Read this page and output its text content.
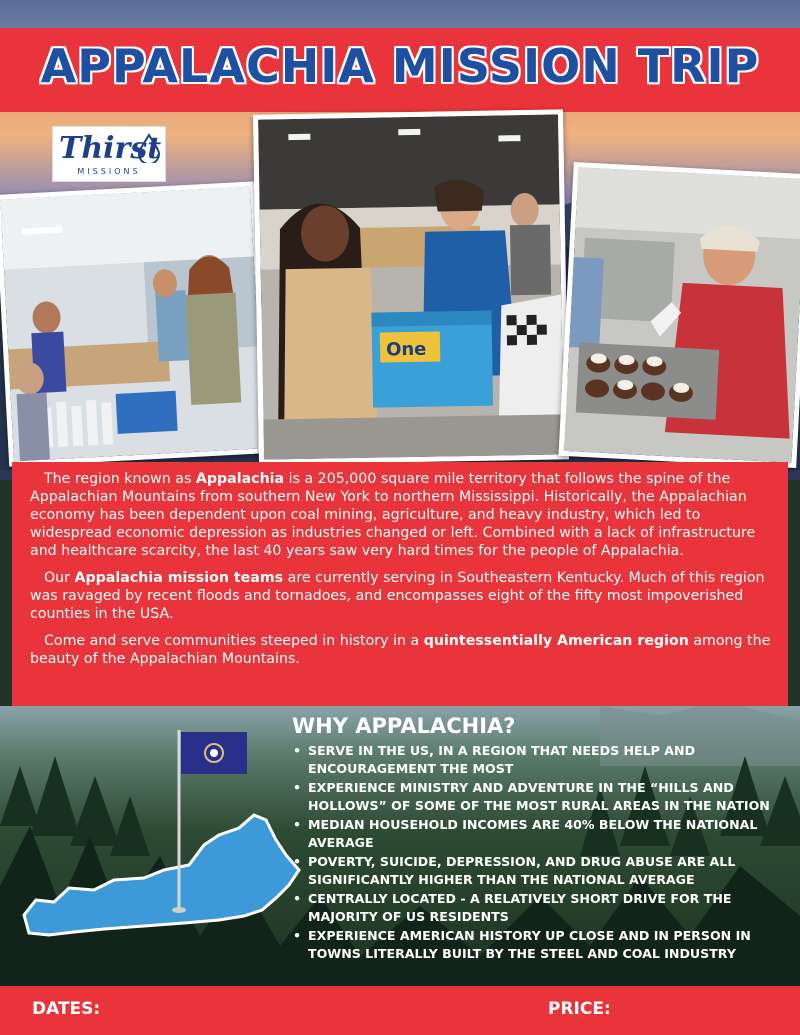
APPALACHIA MISSION TRIP
Thirst
MISSIONS
One

The region known as Appalachia is a 205,000 square mile territory that follows the spine of the Appalachian Mountains from southern New York to northern Mississippi. Historically, the Appalachian economy has been dependent upon coal mining, agriculture, and heavy industry, which led to widespread economic depression as industries changed or left. Combined with a lack of infrastructure and healthcare scarcity, the last 40 years saw very hard times for the people of Appalachia.

Our Appalachia mission teams are currently serving in Southeastern Kentucky. Much of this region was ravaged by recent floods and tornadoes, and encompasses eight of the fifty most impoverished counties in the USA.

Come and serve communities steeped in history in a quintessentially American region among the beauty of the Appalachian Mountains.

WHY APPALACHIA?
• SERVE IN THE US, IN A REGION THAT NEEDS HELP AND ENCOURAGEMENT THE MOST
• EXPERIENCE MINISTRY AND ADVENTURE IN THE “HILLS AND HOLLOWS” OF SOME OF THE MOST RURAL AREAS IN THE NATION
• MEDIAN HOUSEHOLD INCOMES ARE 40% BELOW THE NATIONAL AVERAGE
• POVERTY, SUICIDE, DEPRESSION, AND DRUG ABUSE ARE ALL SIGNIFICANTLY HIGHER THAN THE NATIONAL AVERAGE
• CENTRALLY LOCATED - A RELATIVELY SHORT DRIVE FOR THE MAJORITY OF US RESIDENTS
• EXPERIENCE AMERICAN HISTORY UP CLOSE AND IN PERSON IN TOWNS LITERALLY BUILT BY THE STEEL AND COAL INDUSTRY
DATES:	PRICE:
